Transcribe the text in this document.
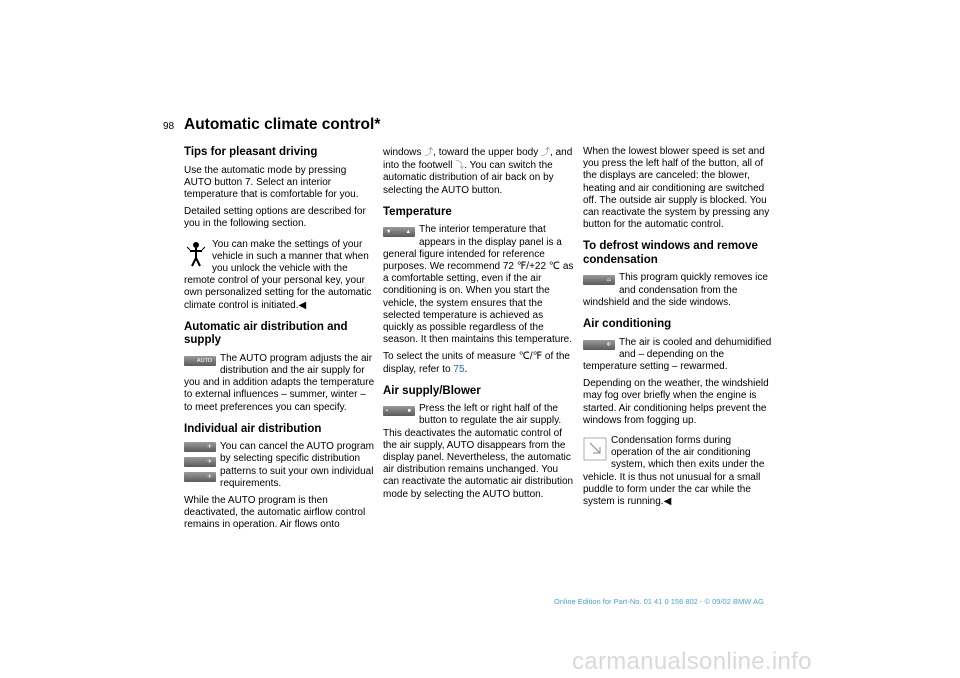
98 Automatic climate control*
Tips for pleasant driving

Use the automatic mode by pressing AUTO button 7. Select an interior temperature that is comfortable for you.

Detailed setting options are described for you in the following section.

You can make the settings of your vehicle in such a manner that when you unlock the vehicle with the remote control of your personal key, your own personalized setting for the automatic climate control is initiated.◀

Automatic air distribution and supply
AUTO The AUTO program adjusts the air distribution and the air supply for you and in addition adapts the temperature to external influences – summer, winter – to meet preferences you can specify.

Individual air distribution
✈
✈
✈

You can cancel the AUTO program by selecting specific distribution patterns to suit your own individual requirements.

While the AUTO program is then deactivated, the automatic airflow control remains in operation. Air flows onto

windows ⤴, toward the upper body ⤴, and into the footwell ⤵. You can switch the automatic distribution of air back on by selecting the AUTO button.

Temperature
▼	▲ The interior temperature that appears in the display panel is a general figure intended for reference purposes. We recommend 72 ℉/+22 ℃ as a comfortable setting, even if the air conditioning is on. When you start the vehicle, the system ensures that the selected temperature is achieved as quickly as possible regardless of the season. It then maintains this temperature.

To select the units of measure ℃/℉ of the display, refer to 75.

Air supply/Blower
▪	■ Press the left or right half of the button to regulate the air supply. This deactivates the automatic control of the air supply, AUTO disappears from the display panel. Nevertheless, the automatic air distribution remains unchanged. You can reactivate the automatic air distribution mode by selecting the AUTO button.

When the lowest blower speed is set and you press the left half of the button, all of the displays are canceled: the blower, heating and air conditioning are switched off. The outside air supply is blocked. You can reactivate the system by pressing any button for the automatic control.

To defrost windows and remove condensation
⌓ This program quickly removes ice and condensation from the windshield and the side windows.

Air conditioning
❄ The air is cooled and dehumidified and – depending on the temperature setting – rewarmed.

Depending on the weather, the windshield may fog over briefly when the engine is started. Air conditioning helps prevent the windows from fogging up.

Condensation forms during operation of the air conditioning system, which then exits under the vehicle. It is thus not unusual for a small puddle to form under the car while the system is running.◀

Online Edition for Part-No. 01 41 0 156 802 - © 09/02 BMW AG
carmanualsonline.info
